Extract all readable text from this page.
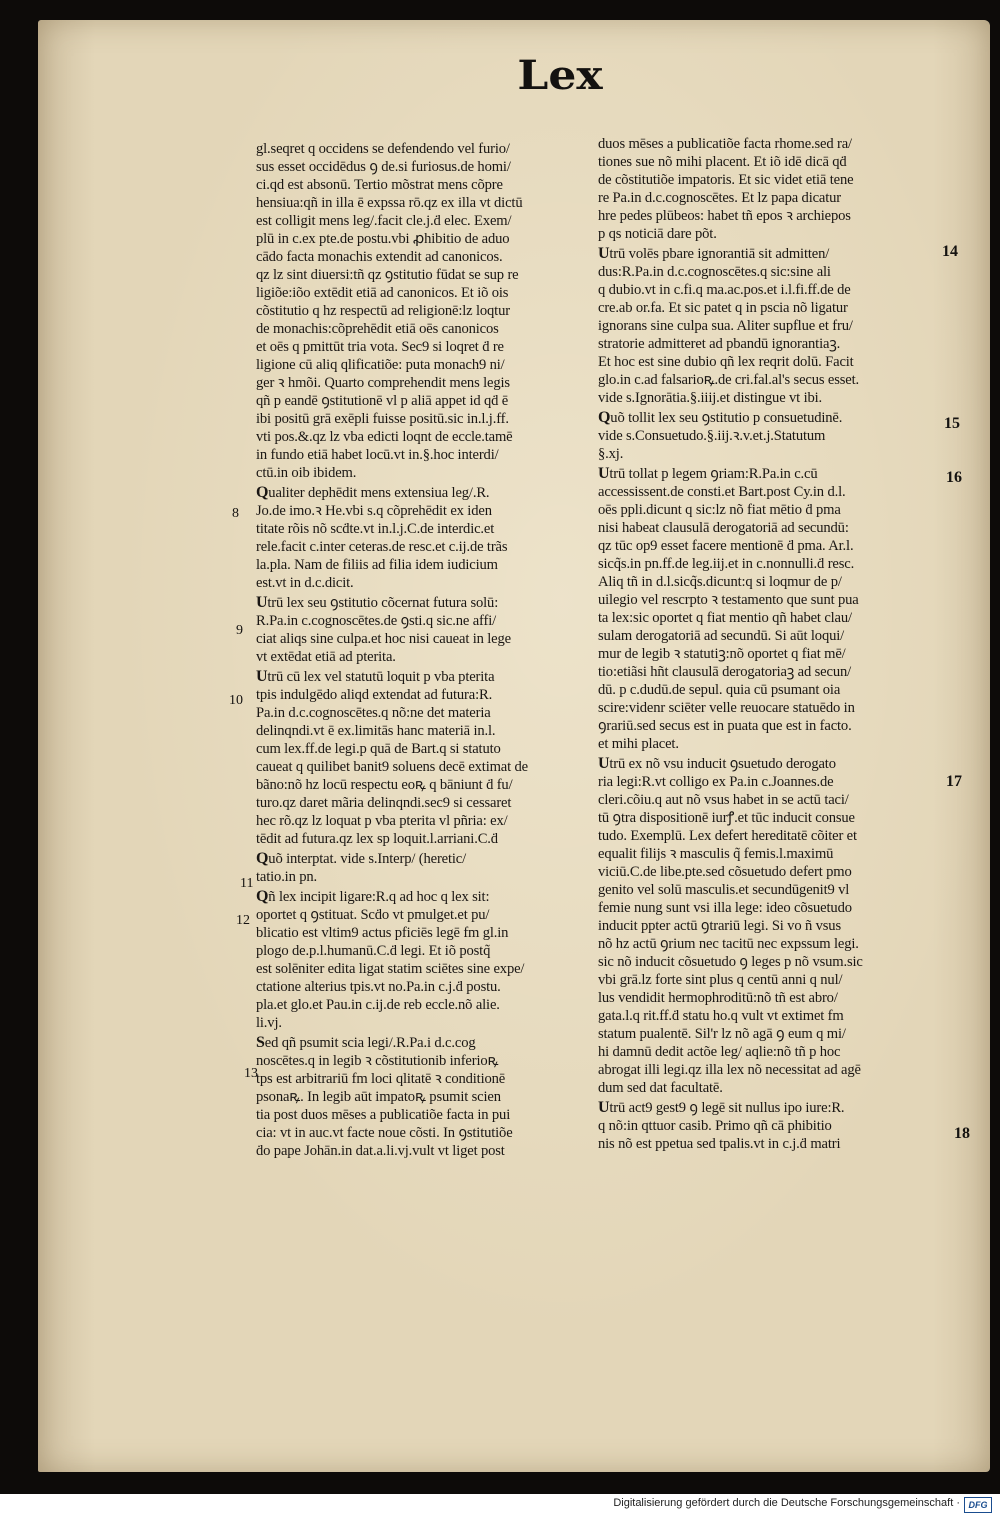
Lex

gl.seqret q occidens se defendendo vel furio/
sus esset occidēdus ꝯ de.si furiosus.de homi/
ci.qd est absonū. Tertio mõstrat mens cõpre
hensiua:qñ in illa ē expssa rō.qz ex illa vt dictū
est colligit mens leg/.facit cle.j.ḋ elec. Exem/
plū in c.ex pte.de postu.vbi ꝓhibitio de aduo
cādo facta monachis extendit ad canonicos.
qz lz sint diuersi:tñ qz ꝯstitutio fūdat se sup re
ligiõe:iõo extēdit etiā ad canonicos. Et iõ ois
cõstitutio q hz respectū ad religionē:lz loqtur
de monachis:cõprehēdit etiā oēs canonicos
et oēs q pmittūt tria vota. Sec9 si loqret ḋ re
ligione cū aliq qlificatiõe: puta monach9 ni/
ger ꝛ hmõi. Quarto comprehendit mens legis
qñ p eandē ꝯstitutionē vl p aliā appet id qḋ ē
ibi positū grā exēpli fuisse positū.sic in.l.j.ff.
vti pos.&.qz lz vba edicti loqnt de eccle.tamē
in fundo etiā habet locū.vt in.§.hoc interdi/
ctū.in oib ibidem.

Qualiter dephēdit mens extensiua leg/.R.
Jo.de imo.ꝛ He.vbi s.q cõprehēdit ex iden
titate rõis nõ scḋte.vt in.l.j.C.de interdic.et
rele.facit c.inter ceteras.de resc.et c.ij.de trãs
la.pla. Nam de filiis ad filia idem iudicium
est.vt in d.c.dicit.

Utrū lex seu ꝯstitutio cõcernat futura solū:
R.Pa.in c.cognoscētes.de ꝯsti.q sic.ne affi/
ciat aliqs sine culpa.et hoc nisi caueat in lege
vt extēdat etiā ad pterita.

Utrū cū lex vel statutū loquit p vba pterita
tpis indulgēdo aliqd extendat ad futura:R.
Pa.in d.c.cognoscētes.q nõ:ne det materia
delinqndi.vt ē ex.limitās hanc materiā in.l.
cum lex.ff.de legi.p quā de Bart.q si statuto
caueat q quilibet banit9 soluens decē extimat de
bãno:nõ hz locū respectu eoꝶ q bāniunt ḋ fu/
turo.qz daret mãria delinqndi.sec9 si cessaret
hec rõ.qz lz loquat p vba pterita vl pñria: ex/
tēdit ad futura.qz lex sp loquit.l.arriani.C.ḋ

Quõ interptat. vide s.Interp/ (heretic/
tatio.in pn.

Qñ lex incipit ligare:R.q ad hoc q lex sit:
oportet q ꝯstituat. Scḋo vt pmulget.et pu/
blicatio est vltim9 actus pficiēs legē fm gl.in
plogo de.p.l.humanū.C.ḋ legi. Et iõ postq̃
est solēniter edita ligat statim sciētes sine expe/
ctatione alterius tpis.vt no.Pa.in c.j.ḋ postu.
pla.et glo.et Pau.in c.ij.de reb eccle.nõ alie.
li.vj.

Sed qñ psumit scia legi/.R.Pa.i d.c.cog
noscētes.q in legib ꝛ cõstitutionib inferioꝶ
tps est arbitrariū fm loci qlitatē ꝛ conditionē
psonaꝶ. In legib aūt impatoꝶ psumit scien
tia post duos mēses a publicatiõe facta in pui
cia: vt in auc.vt facte noue cõsti. In ꝯstitutiõe
ḋo pape Johān.in dat.a.li.vj.vult vt liget post

duos mēses a publicatiõe facta rhome.sed ra/
tiones sue nõ mihi placent. Et iõ idē dicā qḋ
de cõstitutiõe impatoris. Et sic videt etiā tene
re Pa.in d.c.cognoscētes. Et lz papa dicatur
hre pedes plūbeos: habet tñ epos ꝛ archiepos
p qs noticiā dare põt.

Utrū volēs pbare ignorantiā sit admitten/
dus:R.Pa.in d.c.cognoscētes.q sic:sine ali
q dubio.vt in c.fi.q ma.ac.pos.et i.l.fi.ff.de de
cre.ab or.fa. Et sic patet q in pscia nõ ligatur
ignorans sine culpa sua. Aliter supflue et fru/
stratorie admitteret ad pbandū ignorantiaꝫ.
Et hoc est sine dubio qñ lex reqrit dolū. Facit
glo.in c.ad falsarioꝶ.de cri.fal.al's secus esset.
vide s.Ignorātia.§.iiij.et distingue vt ibi.

Quõ tollit lex seu ꝯstitutio p consuetudinē.
vide s.Consuetudo.§.iij.ꝛ.v.et.j.Statutum
§.xj.

Utrū tollat p legem ꝯriam:R.Pa.in c.cū
accessissent.de consti.et Bart.post Cy.in d.l.
oēs ppli.dicunt q sic:lz nõ fiat mētio ḋ pma
nisi habeat clausulā derogatoriā ad secundū:
qz tūc op9 esset facere mentionē ḋ pma. Ar.l.
sicq̃s.in pn.ff.de leg.iij.et in c.nonnulli.ḋ resc.
Aliq tñ in d.l.sicq̃s.dicunt:q si loqmur de p/
uilegio vel rescrpto ꝛ testamento que sunt pua
ta lex:sic oportet q fiat mentio qñ habet clau/
sulam derogatoriā ad secundū. Si aūt loqui/
mur de legib ꝛ statutiꝫ:nõ oportet q fiat mē/
tio:etiãsi hñt clausulā derogatoriaꝫ ad secun/
dū. p c.dudū.de sepul. quia cū psumant oia
scire:videnr sciēter velle reuocare statuēdo in
ꝯrariū.sed secus est in puata que est in facto.
et mihi placet.

Utrū ex nõ vsu inducit ꝯsuetudo derogato
ria legi:R.vt colligo ex Pa.in c.Joannes.de
cleri.cõiu.q aut nõ vsus habet in se actū taci/
tū ꝯtra dispositionē iurꝭ.et tūc inducit consue
tudo. Exemplū. Lex defert hereditatē cõiter et
equalit filijs ꝛ masculis q̃ femis.l.maximū
viciū.C.de libe.pte.sed cõsuetudo defert pmo
genito vel solū masculis.et secundūgenit9 vl
femie nung sunt vsi illa lege: ideo cõsuetudo
inducit ppter actū ꝯtrariū legi. Si vo ñ vsus
nõ hz actū ꝯrium nec tacitū nec expssum legi.
sic nõ inducit cõsuetudo ꝯ leges p nõ vsum.sic
vbi grā.lz forte sint plus q centū anni q nul/
lus vendidit hermophroditū:nõ tñ est abro/
gata.l.q rit.ff.ḋ statu ho.q vult vt extimet fm
statum pualentē. Sil'r lz nõ agā ꝯ eum q mi/
hi damnū dedit actõe leg/ aqlie:nõ tñ p hoc
abrogat illi legi.qz illa lex nõ necessitat ad agē
dum sed dat facultatē.

Utrū act9 gest9 ꝯ legē sit nullus ipo iure:R.
q nõ:in qttuor casib. Primo qñ cā phibitio
nis nõ est ppetua sed tpalis.vt in c.j.ḋ matri

8
9
10
11
12
13
14
15
16
17
18
Digitalisierung gefördert durch die Deutsche Forschungsgemeinschaft · DFG
